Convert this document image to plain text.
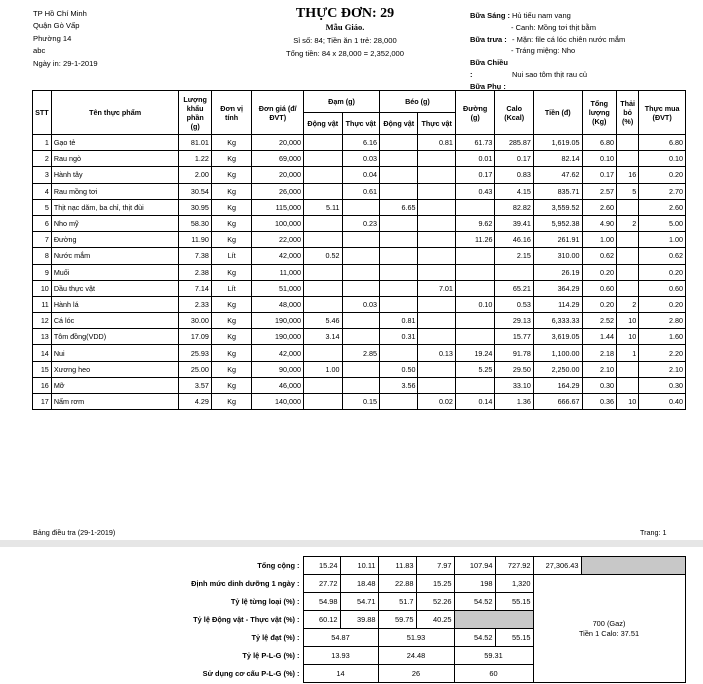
TP Hồ Chí Minh
Quận Gò Vấp
Phường 14
abc
Ngày in: 29-1-2019
THỰC ĐƠN: 29
Mẫu Giáo.
Sỉ số: 84; Tiền ăn 1 trẻ: 28,000
Tổng tiền: 84 x 28,000 = 2,352,000
Bữa Sáng : Hủ tiếu nam vang
- Canh: Mồng tơi thịt bằm
Bữa trưa : - Mặn: file cá lóc chiên nước mắm
- Tráng miệng: Nho
Bữa Chiều :	Nui sao tôm thịt rau củ
Bữa Phụ :
STT	Tên thực phẩm	Lượng khẩu phần (g)	Đơn vị tính	Đơn giá (đ/ĐVT)	Đạm (g)		Béo (g)		Đường (g)	Calo (Kcal)	Tiền (đ)	Tổng lượng (Kg)	Thải bỏ (%)	Thực mua (ĐVT)
					Động vật	Thực vật	Động vật	Thực vật						
1	Gạo tẻ	81.01	Kg	20,000		6.16		0.81	61.73	285.87	1,619.05	6.80		6.80
2	Rau ngò	1.22	Kg	69,000		0.03			0.01	0.17	82.14	0.10		0.10
3	Hành tây	2.00	Kg	20,000		0.04			0.17	0.83	47.62	0.17	16	0.20
4	Rau mồng tơi	30.54	Kg	26,000		0.61			0.43	4.15	835.71	2.57	5	2.70
5	Thịt nạc dăm, ba chỉ, thịt đùi	30.95	Kg	115,000	5.11		6.65			82.82	3,559.52	2.60		2.60
6	Nho mỹ	58.30	Kg	100,000		0.23			9.62	39.41	5,952.38	4.90	2	5.00
7	Đường	11.90	Kg	22,000					11.26	46.16	261.91	1.00		1.00
8	Nước mắm	7.38	Lít	42,000	0.52					2.15	310.00	0.62		0.62
9	Muối	2.38	Kg	11,000							26.19	0.20		0.20
10	Dầu thực vật	7.14	Lít	51,000				7.01		65.21	364.29	0.60		0.60
11	Hành lá	2.33	Kg	48,000		0.03			0.10	0.53	114.29	0.20	2	0.20
12	Cá lóc	30.00	Kg	190,000	5.46		0.81			29.13	6,333.33	2.52	10	2.80
13	Tôm đồng(VDD)	17.09	Kg	190,000	3.14		0.31			15.77	3,619.05	1.44	10	1.60
14	Nui	25.93	Kg	42,000		2.85		0.13	19.24	91.78	1,100.00	2.18	1	2.20
15	Xương heo	25.00	Kg	90,000	1.00		0.50		5.25	29.50	2,250.00	2.10		2.10
16	Mỡ	3.57	Kg	46,000			3.56			33.10	164.29	0.30		0.30
17	Nấm rơm	4.29	Kg	140,000		0.15		0.02	0.14	1.36	666.67	0.36	10	0.40
Bảng điều tra (29-1-2019)	Trang: 1
Tổng cộng :	15.24	10.11	11.83	7.97	107.94	727.92	27,306.43	
Định mức dinh dưỡng 1 ngày :	27.72	18.48	22.88	15.25	198	1,320	700 (Gaz)
Tiền 1 Calo: 37.51	

Tỷ lệ từng loại (%) :	54.98	54.71	51.7	52.26	54.52	55.15		
Tỷ lệ Động vật - Thực vật (%) :	60.12	39.88	59.75	40.25				
Tỷ lệ đạt (%) :	54.87		51.93		54.52	55.15		
Tỷ lệ P-L-G (%) :	13.93		24.48		59.31			
Sử dụng cơ cấu P-L-G (%) :	14		26		60			
